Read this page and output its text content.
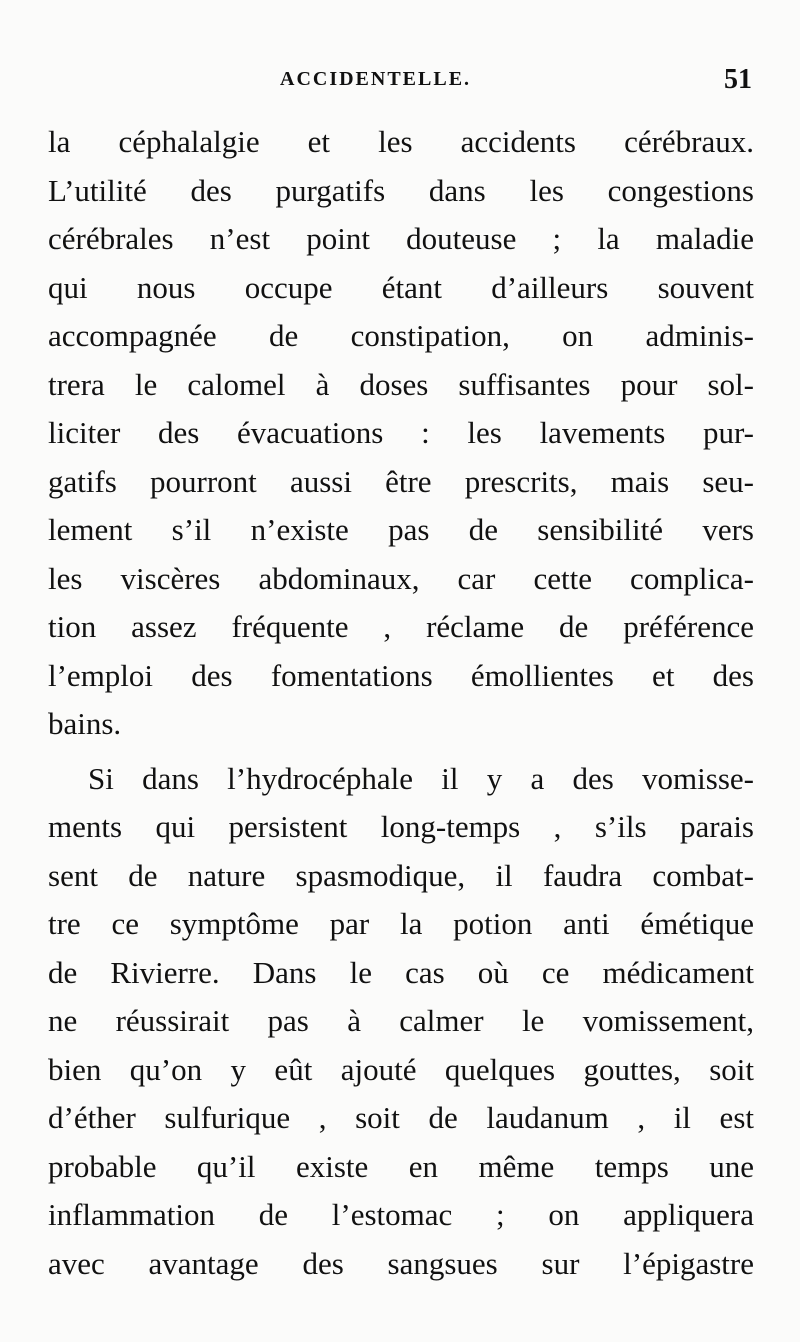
ACCIDENTELLE.	51
la céphalalgie et les accidents cérébraux.
L’utilité des purgatifs dans les congestions
cérébrales n’est point douteuse ; la maladie
qui nous occupe étant d’ailleurs souvent
accompagnée de constipation, on adminis-
trera le calomel à doses suffisantes pour sol-
liciter des évacuations : les lavements pur-
gatifs pourront aussi être prescrits, mais seu-
lement s’il n’existe pas de sensibilité vers
les viscères abdominaux, car cette complica-
tion assez fréquente , réclame de préférence
l’emploi des fomentations émollientes et des
bains.
Si dans l’hydrocéphale il y a des vomisse-
ments qui persistent long-temps , s’ils parais
sent de nature spasmodique, il faudra combat-
tre ce symptôme par la potion anti émétique
de Rivierre. Dans le cas où ce médicament
ne réussirait pas à calmer le vomissement,
bien qu’on y eût ajouté quelques gouttes, soit
d’éther sulfurique , soit de laudanum , il est
probable qu’il existe en même temps une
inflammation de l’estomac ; on appliquera
avec avantage des sangsues sur l’épigastre
